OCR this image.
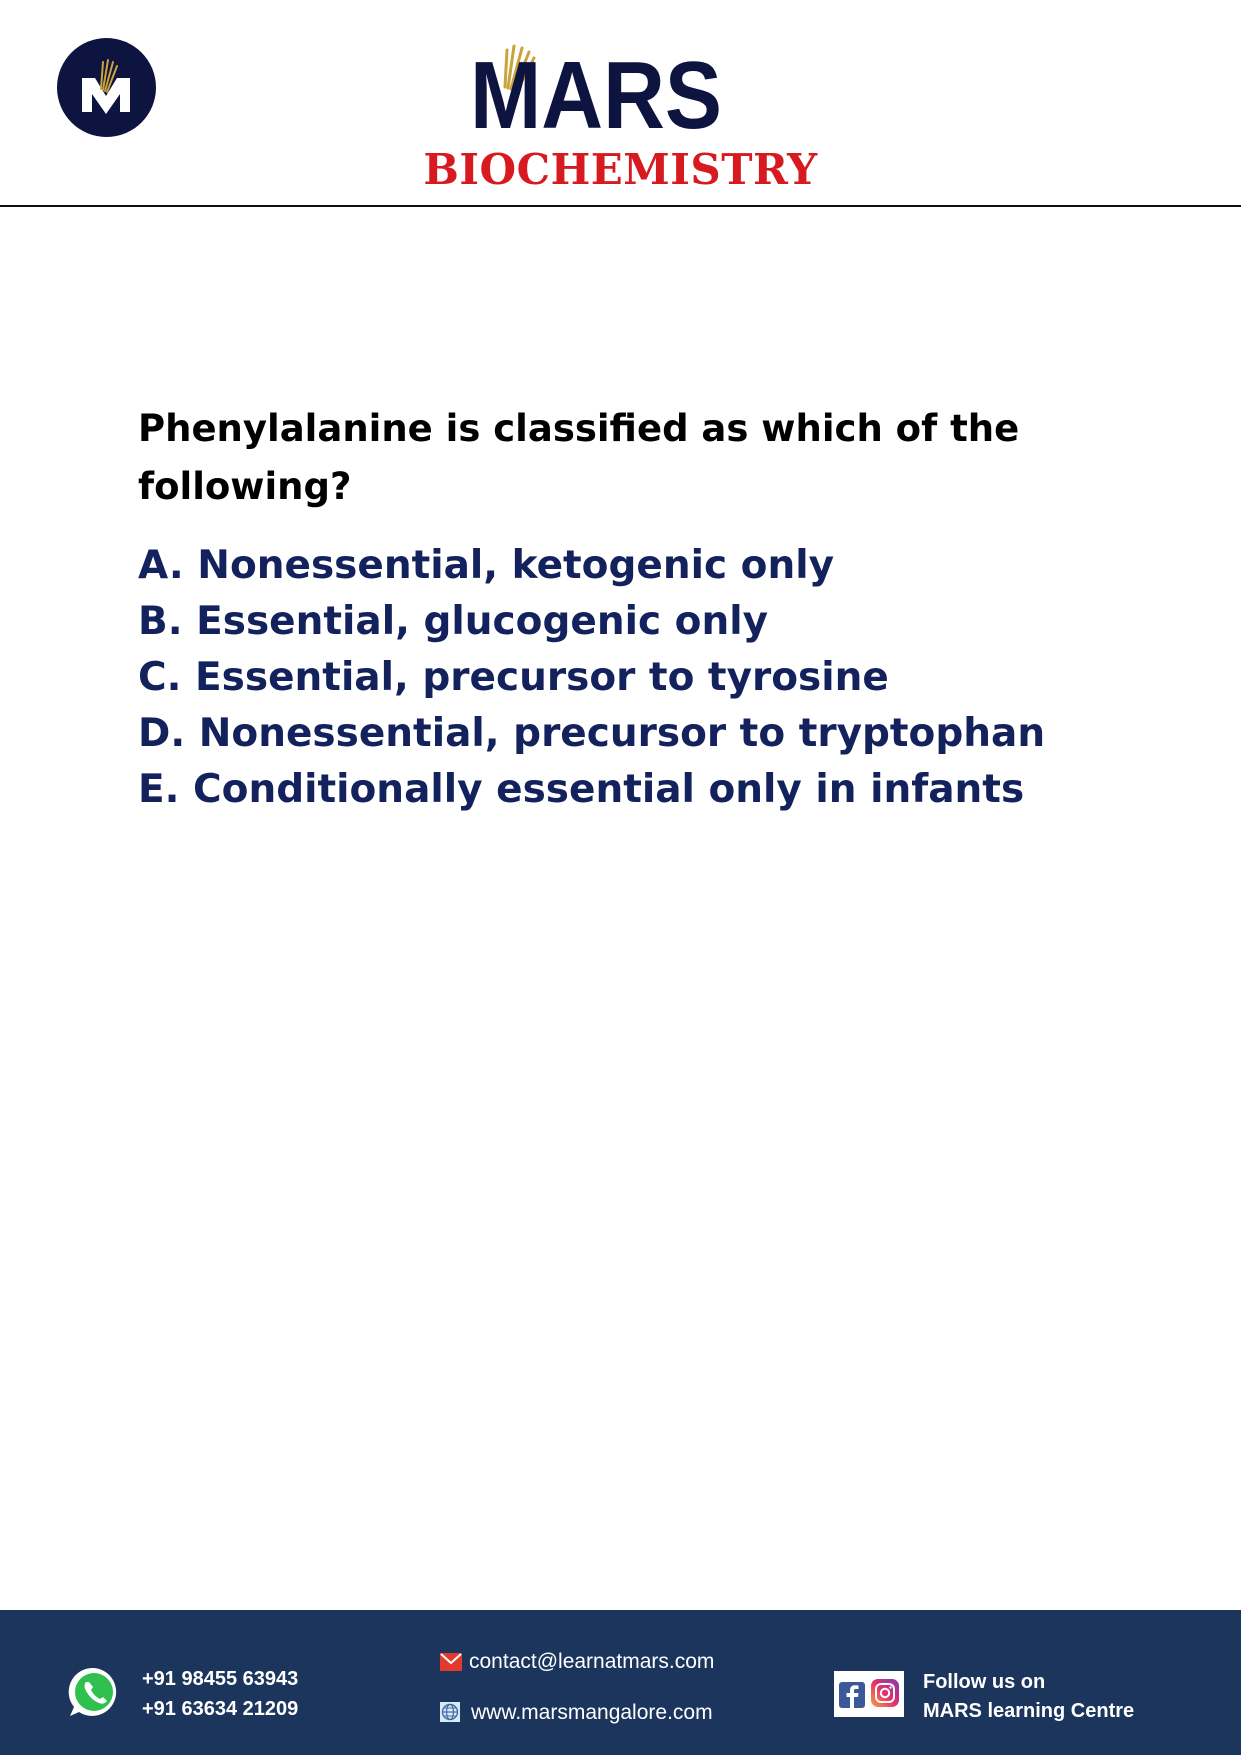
MARS
BIOCHEMISTRY
Phenylalanine is classified as which of the following?
A. Nonessential, ketogenic only
B. Essential, glucogenic only
C. Essential, precursor to tyrosine
D. Nonessential, precursor to tryptophan
E. Conditionally essential only in infants
+91 98455 63943
+91 63634 21209
contact@learnatmars.com
www.marsmangalore.com
Follow us on
MARS learning Centre
